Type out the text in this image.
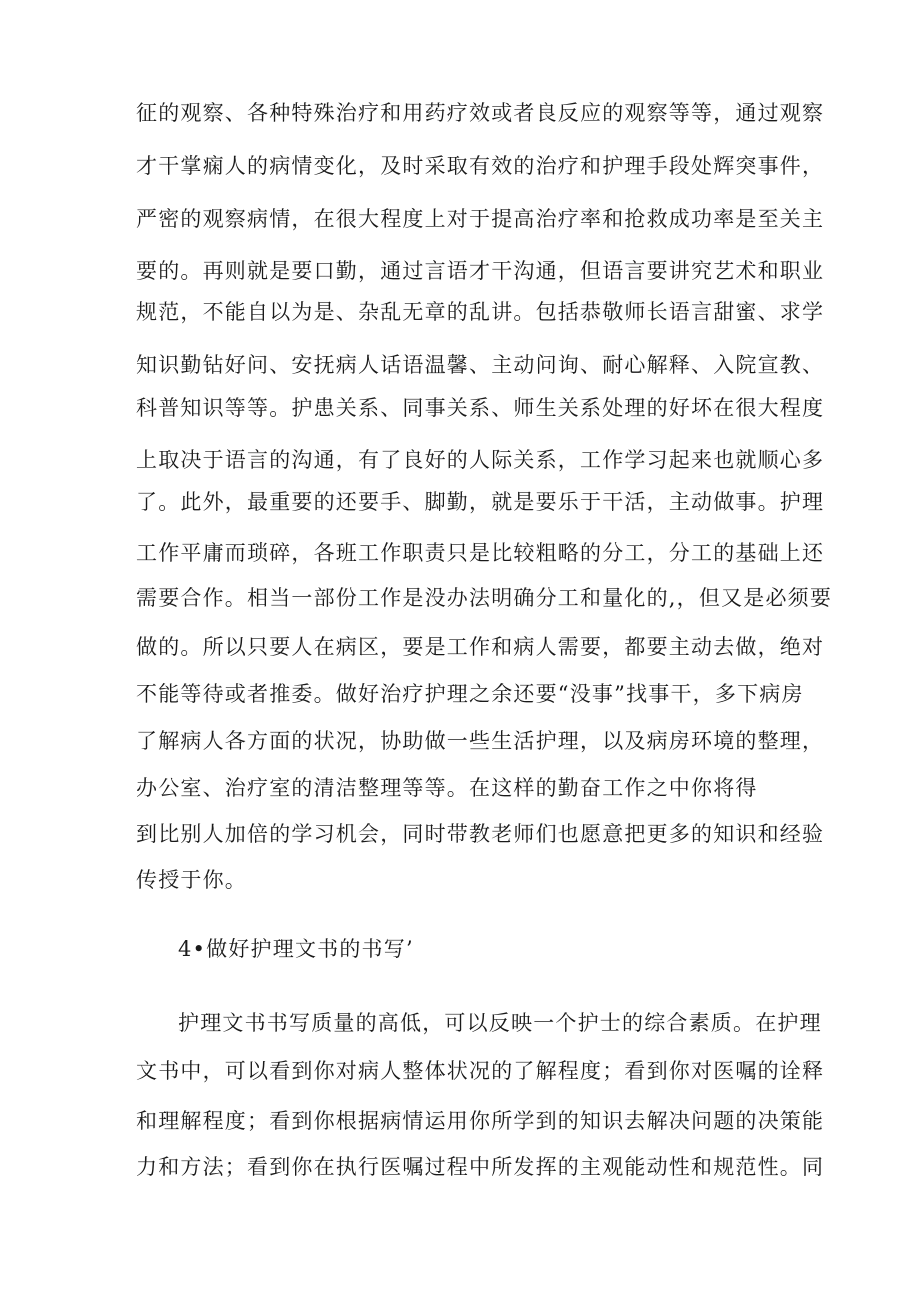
征的观察、各种特殊治疗和用药疗效或者良反应的观察等等，通过观察
才干掌痫人的病情变化，及时采取有效的治疗和护理手段处辉突事件，
严密的观察病情，在很大程度上对于提高治疗率和抢救成功率是至关主
要的。再则就是要口勤，通过言语才干沟通，但语言要讲究艺术和职业
规范，不能自以为是、杂乱无章的乱讲。包括恭敬师长语言甜蜜、求学
知识勤钻好问、安抚病人话语温馨、主动问询、耐心解释、入院宣教、
科普知识等等。护患关系、同事关系、师生关系处理的好坏在很大程度
上取决于语言的沟通，有了良好的人际关系，工作学习起来也就顺心多
了。此外，最重要的还要手、脚勤，就是要乐于干活，主动做事。护理
工作平庸而琐碎，各班工作职责只是比较粗略的分工，分工的基础上还
需要合作。相当一部份工作是没办法明确分工和量化的,，但又是必须要
做的。所以只要人在病区，要是工作和病人需要，都要主动去做，绝对
不能等待或者推委。做好治疗护理之余还要“没事”找事干，多下病房
了解病人各方面的状况，协助做一些生活护理，以及病房环境的整理，
办公室、治疗室的清洁整理等等。在这样的勤奋工作之中你将得
到比别人加倍的学习机会，同时带教老师们也愿意把更多的知识和经验
传授于你。
4•做好护理文书的书写’
护理文书书写质量的高低，可以反映一个护士的综合素质。在护理
文书中，可以看到你对病人整体状况的了解程度；看到你对医嘱的诠释
和理解程度；看到你根据病情运用你所学到的知识去解决问题的决策能
力和方法；看到你在执行医嘱过程中所发挥的主观能动性和规范性。同
